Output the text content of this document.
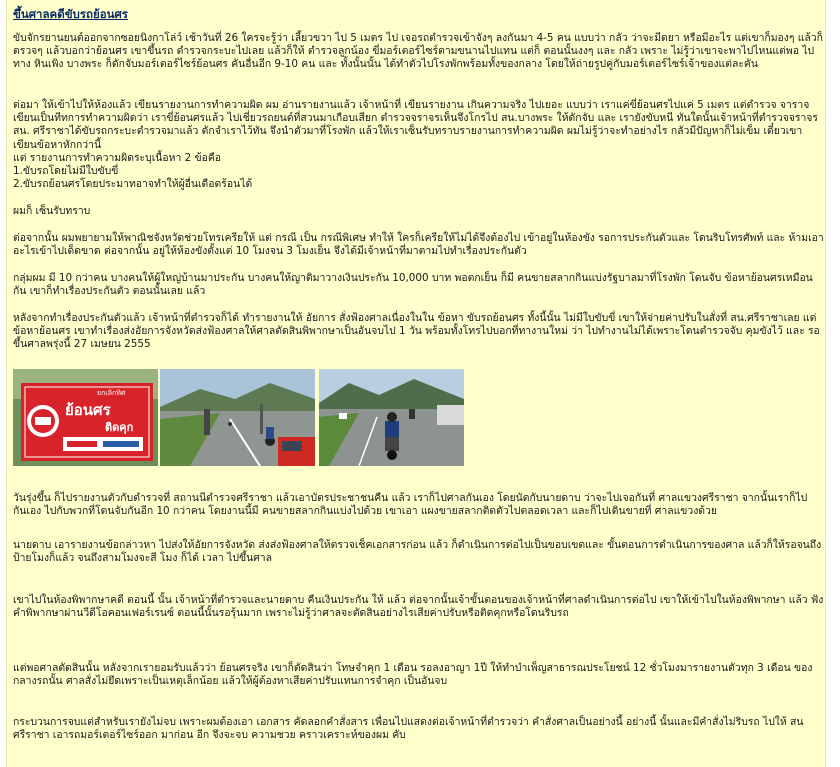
ขึ้นศาลคดีขับรถย้อนศร

ขับจักรยานยนต์ออกจากซอยนิงกาโล่ว์ เช้าวันที่ 26 ใครจะรู้ว่า เลี้ยวขวา ไป 5 เมตร ไป เจอรถตำรวจเข้าจังๆ ลงกันมา 4-5 คน แบบว่า กลัว ว่าจะมีดยา หรือมีอะไร แต่เขาก็มองๆ แล้วก็ตรวจๆ แล้วบอกว่าย้อนศร เขาขึ้นรถ ตำรวจกระบะไปเลย แล้วก็ให้ ตำรวจลูกน้อง ขี่มอร์เตอร์ไซร์ตามขนานไปแทน แต่ก็ ตอนนั้นงงๆ และ กลัว เพราะ ไม่รู้ว่าเขาจะพาไปไหนแต่พอ ไปทาง หินเพิง บางพระ ก็ดักจับมอร์เตอร์ไซร์ย้อนศร คันอื่นอีก 9-10 คน และ ทั้งนั้นนั้น ได้ทำตัวไปโรงพักพร้อมทั้งของกลาง โดยให้ถ่ายรูปคู่กับมอร์เตอร์ไซร์เจ้าของแต่ละคัน

ต่อมา ให้เข้าไปให้ห้องแล้ว เขียนรายงานการทำความผิด ผม อ่านรายงานแล้ว เจ้าหน้าที่ เขียนรายงาน เกินความจริง ไปเยอะ แบบว่า เราแค่ขี่ย้อนศรไปแค่ 5 เมตร แต่ตำรวจ จาราจเขียนเป็นทีทการทำความผิดว่า เราขี่ย้อนศรแล้ว ไปเชี่ยวรถยนต์ที่สวนมาเกือบเสียก ตำรวจจราจรเห็นจึงโกรไป สน.บางพระ ให้ดักจับ และ เรายังขับหนี ทันใดนั้นเจ้าหน้าที่ตำรวจจราจร สน. ศรีราชาได้ขับรถกระบะตำรวจมาแล้ว ดักจำเราไว้ทัน จึงนำตัวมาที่โรงพัก แล้วให้เราเซ็นรับทราบรายงานการทำความผิด ผมไม่รู้ว่าจะทำอย่างไร กลัวมีปัญหาก็ไม่เข็ม เดี๋ยวเขาเขียนข้อหาหักกว่านี้

แต่ รายงานการทำความผิดระบุเนื้อหา 2 ข้อคือ

1.ขับรถโดยไม่มีใบขับขี่

2.ขับรถย้อนศรโดยประมาทอาจทำให้ผู้อื่นเดือดร้อนได้

ผมก็ เซ็นรับทราบ

ต่อจากนั้น ผมพยายามให้พาณิชจังหวัดช่วยโทรเครียให้ แต่ กรณี เป็น กรณีพิเศษ ทำให้ ใครก็เครียให้ไม่ได้จึงต้องไป เข้าอยู่ในห้องขัง รอการประกันตัวและ โดนริบโทรศัพท์ และ ห้ามเอาอะไรเข้าไปเด็ดขาด ต่อจากนั้น อยู่ให้ห้องขังตั้งแต่ 10 โมงจน 3 โมงเย็น จึงได้มีเจ้าหน้าที่มาตามไปทำเรื่องประกันตัว

กลุ่มผม มี 10 กว่าคน บางคนให้ผู้ใหญ่บ้านมาประกัน บางคนให้ญาติมาวางเงินประกัน 10,000 บาท พอตกเย็น ก็มี คนขายสลากกินแบ่งรัฐบาลมาที่โรงพัก โดนจับ ข้อหาย้อนศรเหมือนกัน เขาก็ทำเรื่องประกันตัว ตอนนั้นเลย แล้ว

หลังจากทำเรื่องประกันตัวแล้ว เจ้าหน้าที่ตำรวจก็ได้ ทำรายงานให้ อัยการ สั่งฟ้องศาลเนื่องในใน ข้อหา ขับรถย้อนศร ทั้งนี้นั้น ไม่มีใบขับขี่ เขาให้จ่ายค่าปรับในสั่งที่ สน.ศรีราชาเลย แต่ ข้อหาย้อนศร เขาทำเรื่องส่งอัยการจังหวัดส่งฟ้องศาลให้ศาลตัดสินพิพากษาเป็นอันจบไป 1 วัน พร้อมทั้งโทรไปบอกที่ทางานใหม่ ว่า ไปทำงานไม่ได้เพราะโดนตำรวจจับ คุมขังไว้ และ รอขึ้นศาลพรุ่งนี้ 27 เมษยน 2555

ย้อนศร
ยกเลิกทิศ
ติดคุก

วันรุ่งขึ้น ก็ไปรายงานตัวกับตำรวจที่ สถานนีตำรวจศรีราชา แล้วเอาบัตรประชาชนคืน แล้ว เราก็ไปศาลกันเอง โดยนัดกับนายดาบ ว่าจะไปเจอกันที่ ศาลแขวงศรีราชา จากนั้นเราก็ไปกันเอง ไปกับพวกที่โดนจับกันอีก 10 กว่าคน โดยงานนี้มี คนขายสลากกินแบ่งไปด้วย เขาเอา แผงขายสลากติดตัวไปตลอดเวลา และก็ไปเดินขายที่ ศาลแขวงด้วย

นายดาบ เอารายงานข้อกล่าวหา ไปส่งให้อัยการจังหวัด ส่งส่งฟ้องศาลให้ตรวจเช็คเอกสารก่อน แล้ว ก็ดำเนินการต่อไปเป็นขอบเขตและ ขั้นตอนการดำเนินการของศาล แล้วก็ให้รอจนถึง ป้ายโมงก็แล้ว จนถึงสามโมงจะสี โมง ก็ได้ เวลา ไปขึ้นศาล

เขาไปในห้องพิพากษาคดี ตอนนี้ นั้น เจ้าหน้าที่ตำรวจและนายดาบ คืนเงินประกัน ให้ แล้ว ต่อจากนั้นเจ้าขั้นตอนของเจ้าหน้าที่ศาลดำเนินการต่อไป เขาให้เข้าไปในห้องพิพากษา แล้ว ฟังคำพิพากษาผ่านวีดีโอคอนเฟอร์เรนซ์ ตอนนี้นั้นรอรุ้นมาก เพราะไม่รู้ว่าศาลจะตัดสินอย่างไรเสียค่าปรับหรือติดคุกหรือโดนริบรถ

แต่พอศาลตัดสินนั้น หลังจากเรายอมรับแล้วว่า ย้อนศรจริง เขาก็ตัดสินว่า โทษจำคุก 1 เดือน รอลงอาญา 1ปี ให้ทำบำเพ็ญสาธารณประโยชน์ 12 ชั่วโมงมารายงานตัวทุก 3 เดือน ของกลางรถนั้น ศาลสั่งไม่ยึดเพราะเป็นเหตุเล็กน้อย แล้วให้ผู้ต้องหาเสียค่าปรับแทนการจำคุก เป็นอันจบ

กระบวนการจบแต่สำหรับเรายังไม่จบ เพราะผมต้องเอา เอกสาร คัดลอกคำสั่งสาร เพื่อนไปแสดงต่อเจ้าหน้าที่ตำรวจว่า คำสั่งศาลเป็นอย่างนี้ อย่างนี้ นั้นและมีคำสั่งไม่ริบรถ ไปให้ สน ศรีราชา เอารถมอร์เตอร์ไซร์ออก มาก่อน อีก จึงจะจบ ความชวย คราวเคราะห์ของผม คับ
